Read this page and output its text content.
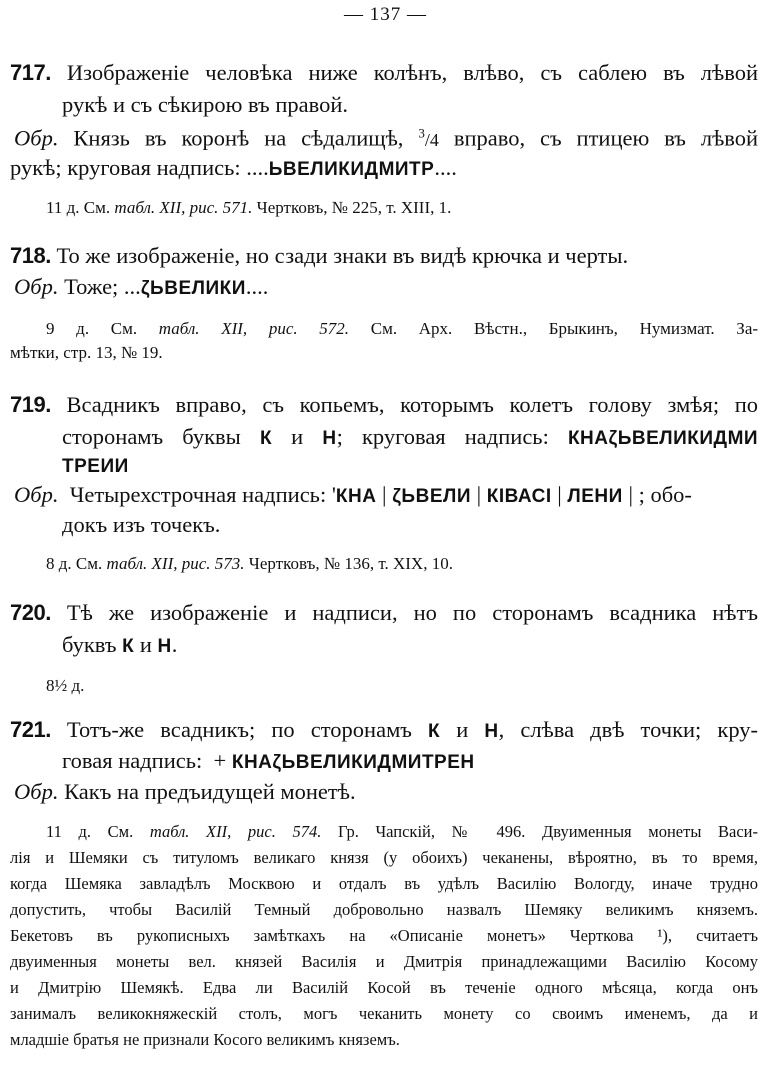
— 137 —
717. Изображеніе человѣка ниже колѣнъ, влѣво, съ саблею въ лѣвой
рукѣ и съ сѣкирою въ правой.
Обр. Князь въ коронѣ на сѣдалищѣ, $^3$/4 вправо, съ птицею въ лѣвой
рукѣ; круговая надпись: ....ЬВЕЛИКИДМИТР....
11 д. См. табл. XII, рис. 571. Чертковъ, № 225, т. XIII, 1.
718. То же изображеніе, но сзади знаки въ видѣ крючка и черты.
Обр. Тоже; ...ζЬВЕЛИКИ....
9 д. См. табл. XII, рис. 572. См. Арх. Вѣстн., Брыкинъ, Нумизмат. За-
мѣтки, стр. 13, № 19.
719. Всадникъ вправо, съ копьемъ, которымъ колетъ голову змѣя; по
сторонамъ буквы К и Н; круговая надпись: КНАζЬВЕЛИКИДМИ
ТРЕИИ
Обр. Четырехстрочная надпись: 'КНА | ζЬВЕЛИ | КІВАСІ | ЛЕНИ | ; обо-
докъ изъ точекъ.
8 д. См. табл. XII, рис. 573. Чертковъ, № 136, т. XIX, 10.
720. Тѣ же изображеніе и надписи, но по сторонамъ всадника нѣтъ
буквъ К и Н.
8½ д.
721. Тотъ-же всадникъ; по сторонамъ К и Н, слѣва двѣ точки; кру-
говая надпись: + КНАζЬВЕЛИКИДМИТРЕН
Обр. Какъ на предъидущей монетѣ.
11 д. См. табл. XII, рис. 574. Гр. Чапскій, № 496. Двуименныя монеты Васи-
лія и Шемяки съ титуломъ великаго князя (у обоихъ) чеканены, вѣроятно, въ то время,
когда Шемяка завладѣлъ Москвою и отдалъ въ удѣлъ Василію Вологду, иначе трудно
допустить, чтобы Василій Темный добровольно назвалъ Шемяку великимъ княземъ.
Бекетовъ въ рукописныхъ замѣткахъ на «Описаніе монетъ» Черткова ¹), считаетъ
двуименныя монеты вел. князей Василія и Дмитрія принадлежащими Василію Косому
и Дмитрію Шемякѣ. Едва ли Василій Косой въ теченіе одного мѣсяца, когда онъ
занималъ великокняжескій столъ, могъ чеканить монету со своимъ именемъ, да и
младшіе братья не признали Косого великимъ княземъ.
